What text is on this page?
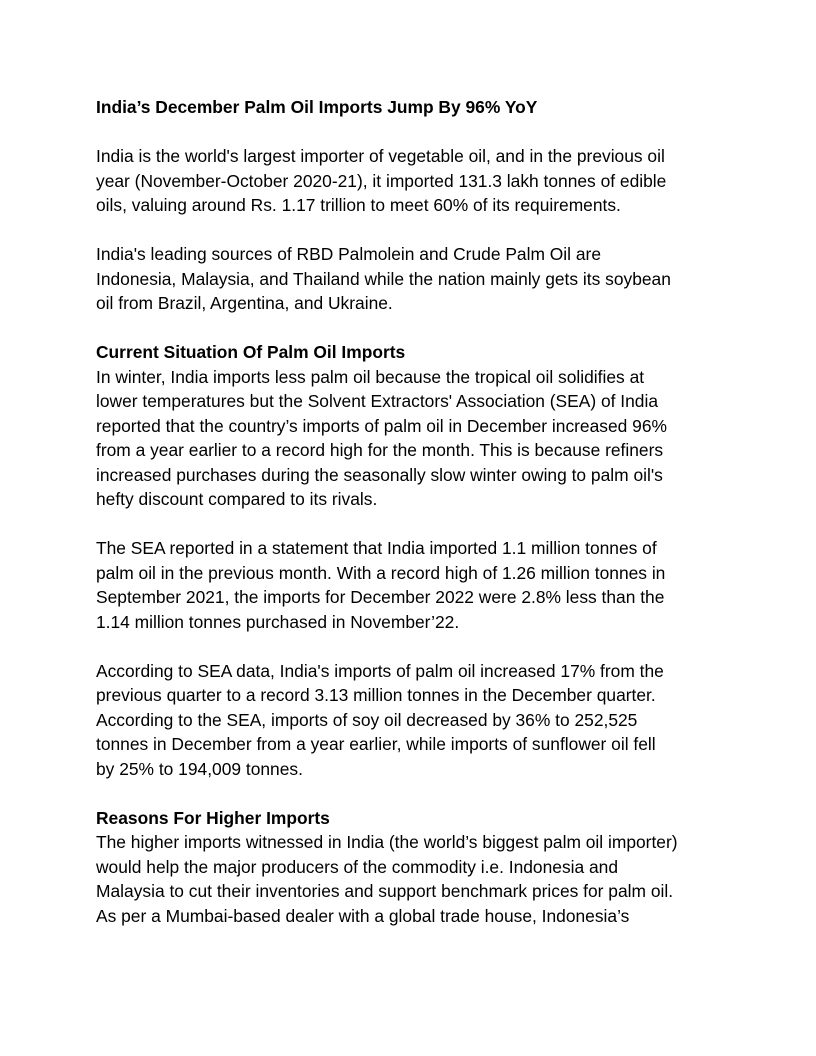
India’s December Palm Oil Imports Jump By 96% YoY
India is the world's largest importer of vegetable oil, and in the previous oil
year (November-October 2020-21), it imported 131.3 lakh tonnes of edible
oils, valuing around Rs. 1.17 trillion to meet 60% of its requirements.
India's leading sources of RBD Palmolein and Crude Palm Oil are
Indonesia, Malaysia, and Thailand while the nation mainly gets its soybean
oil from Brazil, Argentina, and Ukraine.
Current Situation Of Palm Oil Imports
In winter, India imports less palm oil because the tropical oil solidifies at
lower temperatures but the Solvent Extractors' Association (SEA) of India
reported that the country’s imports of palm oil in December increased 96%
from a year earlier to a record high for the month. This is because refiners
increased purchases during the seasonally slow winter owing to palm oil's
hefty discount compared to its rivals.
The SEA reported in a statement that India imported 1.1 million tonnes of
palm oil in the previous month. With a record high of 1.26 million tonnes in
September 2021, the imports for December 2022 were 2.8% less than the
1.14 million tonnes purchased in November’22.
According to SEA data, India's imports of palm oil increased 17% from the
previous quarter to a record 3.13 million tonnes in the December quarter.
According to the SEA, imports of soy oil decreased by 36% to 252,525
tonnes in December from a year earlier, while imports of sunflower oil fell
by 25% to 194,009 tonnes.
Reasons For Higher Imports
The higher imports witnessed in India (the world’s biggest palm oil importer)
would help the major producers of the commodity i.e. Indonesia and
Malaysia to cut their inventories and support benchmark prices for palm oil.
As per a Mumbai-based dealer with a global trade house, Indonesia’s
